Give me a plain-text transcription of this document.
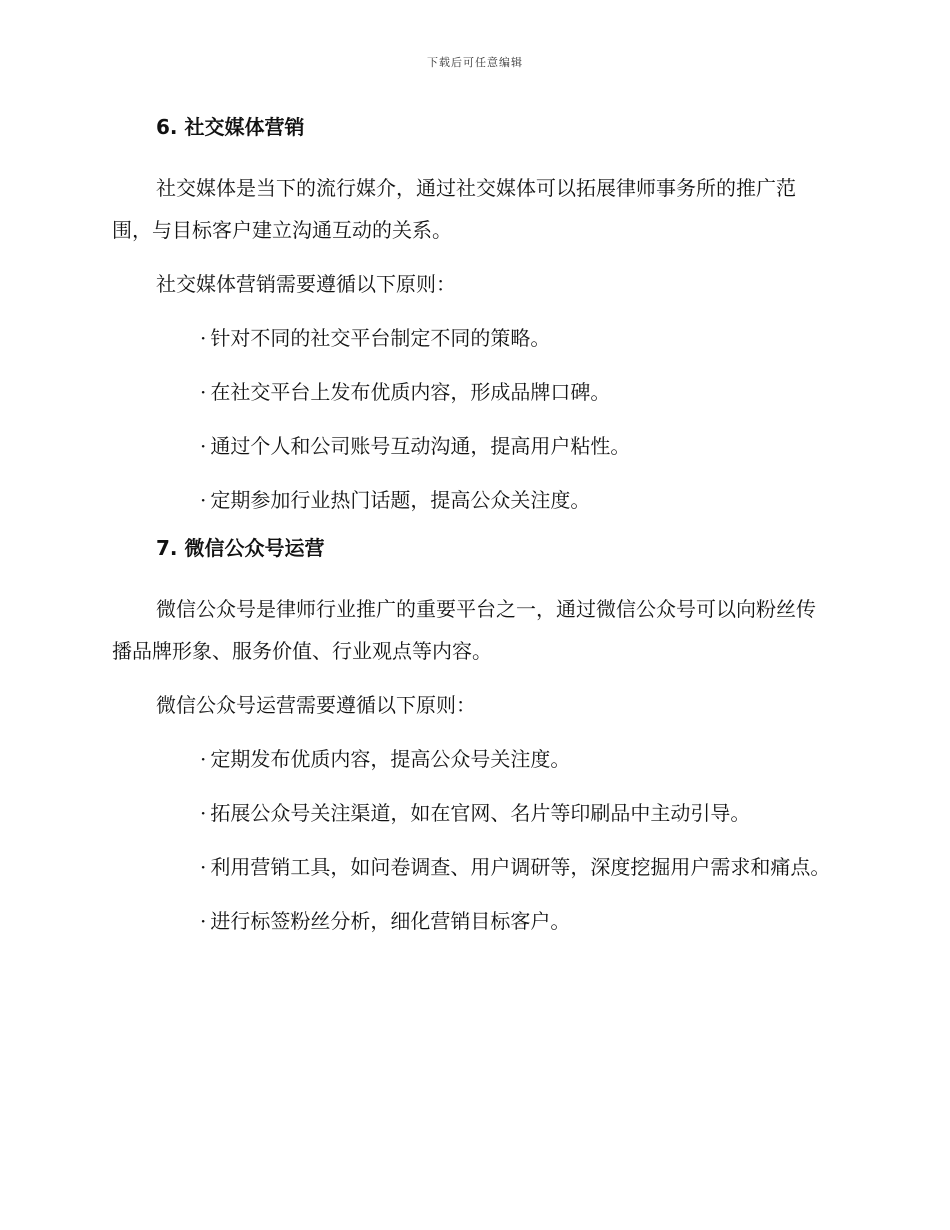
下载后可任意编辑
6. 社交媒体营销

社交媒体是当下的流行媒介，通过社交媒体可以拓展律师事务所的推广范围，与目标客户建立沟通互动的关系。

社交媒体营销需要遵循以下原则：

· 针对不同的社交平台制定不同的策略。

· 在社交平台上发布优质内容，形成品牌口碑。

· 通过个人和公司账号互动沟通，提高用户粘性。

· 定期参加行业热门话题，提高公众关注度。

7. 微信公众号运营

微信公众号是律师行业推广的重要平台之一，通过微信公众号可以向粉丝传播品牌形象、服务价值、行业观点等内容。

微信公众号运营需要遵循以下原则：

· 定期发布优质内容，提高公众号关注度。

· 拓展公众号关注渠道，如在官网、名片等印刷品中主动引导。

· 利用营销工具，如问卷调查、用户调研等，深度挖掘用户需求和痛点。

· 进行标签粉丝分析，细化营销目标客户。
